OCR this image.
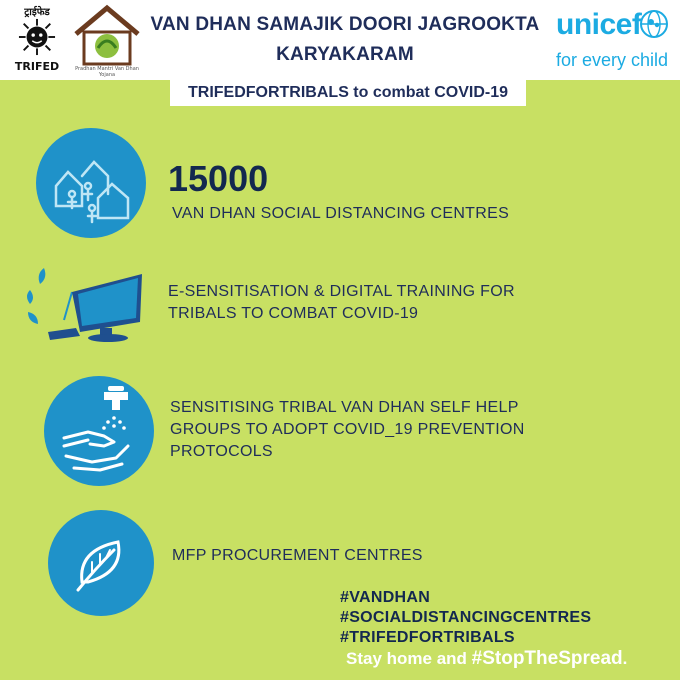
ट्राईफेड
TRIFED	Pradhan Mantri Van Dhan Yojana
VAN DHAN SAMAJIK DOORI JAGROOKTA
KARYAKARAM
unicef
for every child
TRIFEDFORTRIBALS to combat COVID-19
15000
VAN DHAN SOCIAL DISTANCING CENTRES
E-SENSITISATION & DIGITAL TRAINING FOR
TRIBALS TO COMBAT COVID-19
SENSITISING TRIBAL VAN DHAN SELF HELP
GROUPS TO ADOPT COVID_19 PREVENTION
PROTOCOLS
MFP PROCUREMENT CENTRES
#VANDHAN
#SOCIALDISTANCINGCENTRES
#TRIFEDFORTRIBALS
Stay home and #StopTheSpread.
